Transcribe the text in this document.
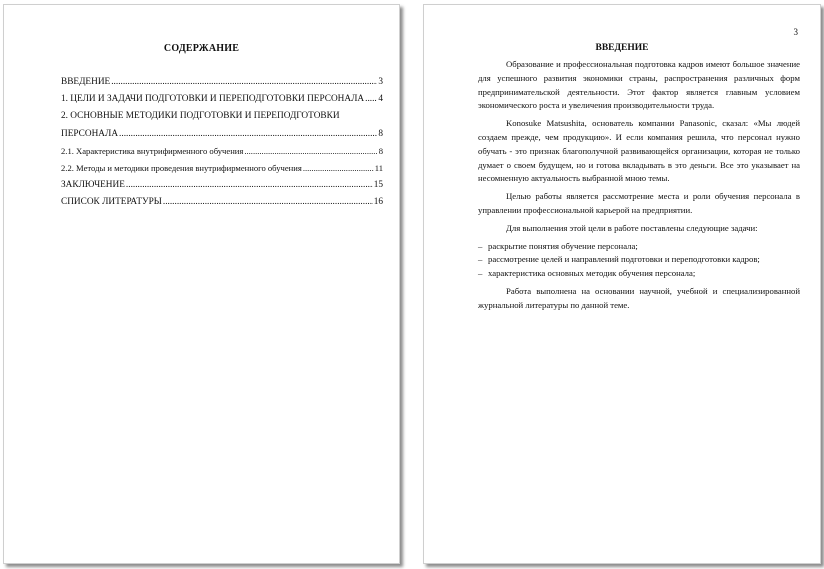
СОДЕРЖАНИЕ
ВВЕДЕНИЕ .....	3
1. ЦЕЛИ И ЗАДАЧИ ПОДГОТОВКИ И ПЕРЕПОДГОТОВКИ ПЕРСОНАЛА ..... 4
2. ОСНОВНЫЕ МЕТОДИКИ ПОДГОТОВКИ И ПЕРЕПОДГОТОВКИ
ПЕРСОНАЛА .....	8
2.1. Характеристика внутрифирменного обучения .....	8
2.2. Методы и методики проведения внутрифирменного обучения .....	11
ЗАКЛЮЧЕНИЕ .....	15
СПИСОК ЛИТЕРАТУРЫ .....	16
3
ВВЕДЕНИЕ

Образование и профессиональная подготовка кадров имеют большое значение для успешного развития экономики страны, распространения различных форм предпринимательской деятельности. Этот фактор является главным условием экономического роста и увеличения производительности труда.

Konosuke Matsushita, основатель компании Panasonic, сказал: «Мы людей создаем прежде, чем продукцию». И если компания решила, что персонал нужно обучать - это признак благополучной развивающейся организации, которая не только думает о своем будущем, но и готова вкладывать в это деньги. Все это указывает на несомненную актуальность выбранной мною темы.

Целью работы является рассмотрение места и роли обучения персонала в управлении профессиональной карьерой на предприятии.

Для выполнения этой цели в работе поставлены следующие задачи:

– раскрытие понятия обучение персонала;
– рассмотрение целей и направлений подготовки и переподготовки кадров;
– характеристика основных методик обучения персонала;

Работа выполнена на основании научной, учебной и специализированной журнальной литературы по данной теме.
